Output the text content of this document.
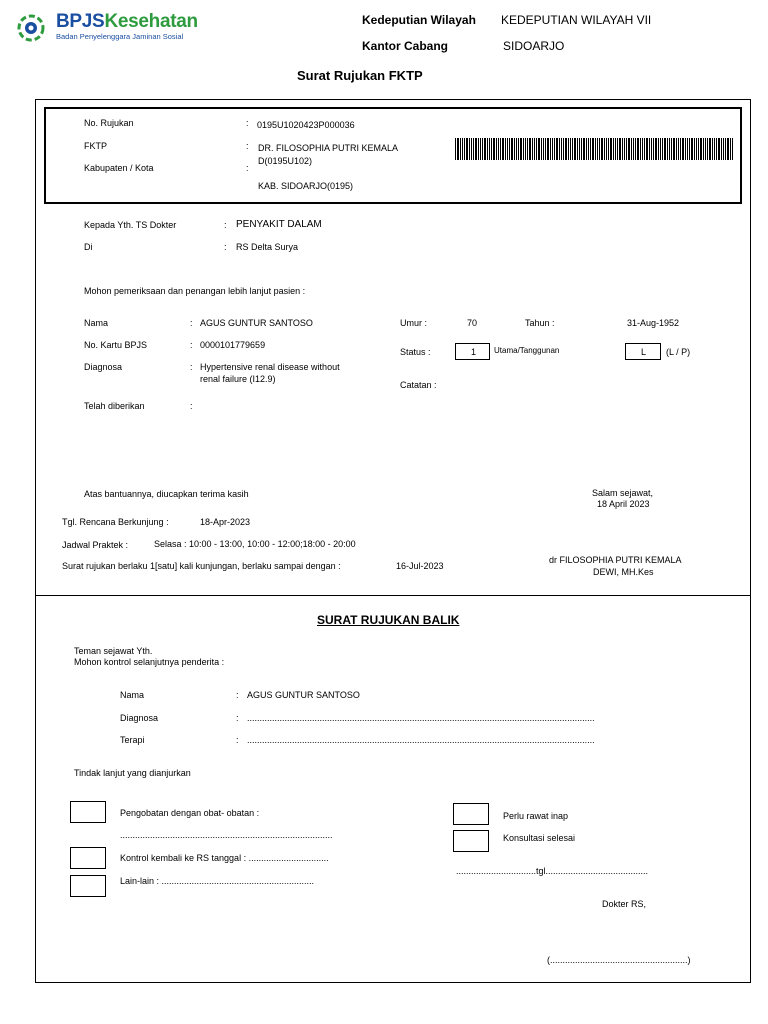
BPJSKesehatan
Badan Penyelenggara Jaminan Sosial
Kedeputian Wilayah KEDEPUTIAN WILAYAH VII
Kantor Cabang	SIDOARJO
Surat Rujukan FKTP
No. Rujukan	: 0195U1020423P000036
FKTP	: DR. FILOSOPHIA PUTRI KEMALA
D(0195U102)
Kabupaten / Kota	:
KAB. SIDOARJO(0195)
Kepada Yth. TS Dokter	: PENYAKIT DALAM
Di	: RS Delta Surya
Mohon pemeriksaan dan penangan lebih lanjut pasien :
Nama	: AGUS GUNTUR SANTOSO
No. Kartu BPJS	: 0000101779659
Diagnosa	: Hypertensive renal disease without
renal failure (I12.9)
Telah diberikan	:
Umur :	70	Tahun :	31-Aug-1952
Status :	1 Utama/Tanggunan	L (L / P)
Catatan :
Atas bantuannya, diucapkan terima kasih	Salam sejawat,
18 April 2023
Tgl. Rencana Berkunjung :	18-Apr-2023
Jadwal Praktek :	Selasa : 10:00 - 13:00, 10:00 - 12:00;18:00 - 20:00
Surat rujukan berlaku 1[satu] kali kunjungan, berlaku sampai dengan :	16-Jul-2023
dr FILOSOPHIA PUTRI KEMALA
DEWI, MH.Kes
SURAT RUJUKAN BALIK
Teman sejawat Yth.
Mohon kontrol selanjutnya penderita :
Nama	: AGUS GUNTUR SANTOSO
Diagnosa	: ...........................................................................................................................................
Terapi	: ...........................................................................................................................................
Tindak lanjut yang dianjurkan
Pengobatan dengan obat- obatan :
.....................................................................................
Kontrol kembali ke RS tanggal : ................................
Lain-lain : .............................................................
Perlu rawat inap
Konsultasi selesai
................................tgl.........................................
Dokter RS,
(.......................................................)
